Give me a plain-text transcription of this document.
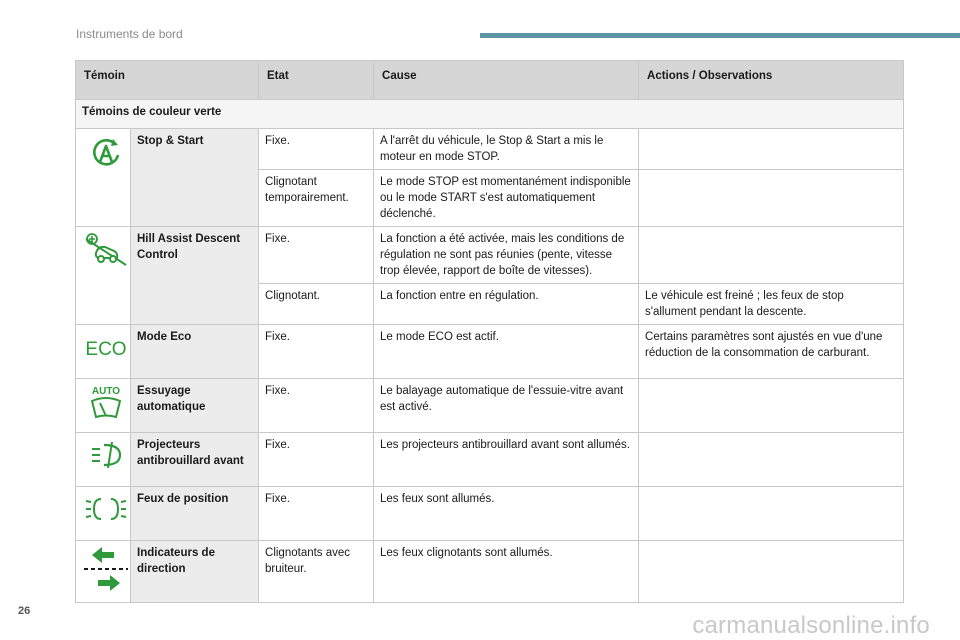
Instruments de bord
Témoin		Etat	Cause	Actions / Observations
Témoins de couleur verte				
	Stop & Start	Fixe.	A l'arrêt du véhicule, le Stop & Start a mis le moteur en mode STOP.	
		Clignotant temporairement.	Le mode STOP est momentanément indisponible ou le mode START s'est automatiquement déclenché.	
	Hill Assist Descent Control	Fixe.	La fonction a été activée, mais les conditions de régulation ne sont pas réunies (pente, vitesse trop élevée, rapport de boîte de vitesses).	
		Clignotant.	La fonction entre en régulation.	Le véhicule est freiné ; les feux de stop s'allument pendant la descente.

ECO	Mode Eco	Fixe.	Le mode ECO est actif.	Certains paramètres sont ajustés en vue d'une réduction de la consommation de carburant.

AUTO	Essuyage automatique	Fixe.	Le balayage automatique de l'essuie-vitre avant est activé.	
	Projecteurs antibrouillard avant	Fixe.	Les projecteurs antibrouillard avant sont allumés.	
	Feux de position	Fixe.	Les feux sont allumés.	
	Indicateurs de direction	Clignotants avec bruiteur.	Les feux clignotants sont allumés.	
26
carmanualsonline.info
